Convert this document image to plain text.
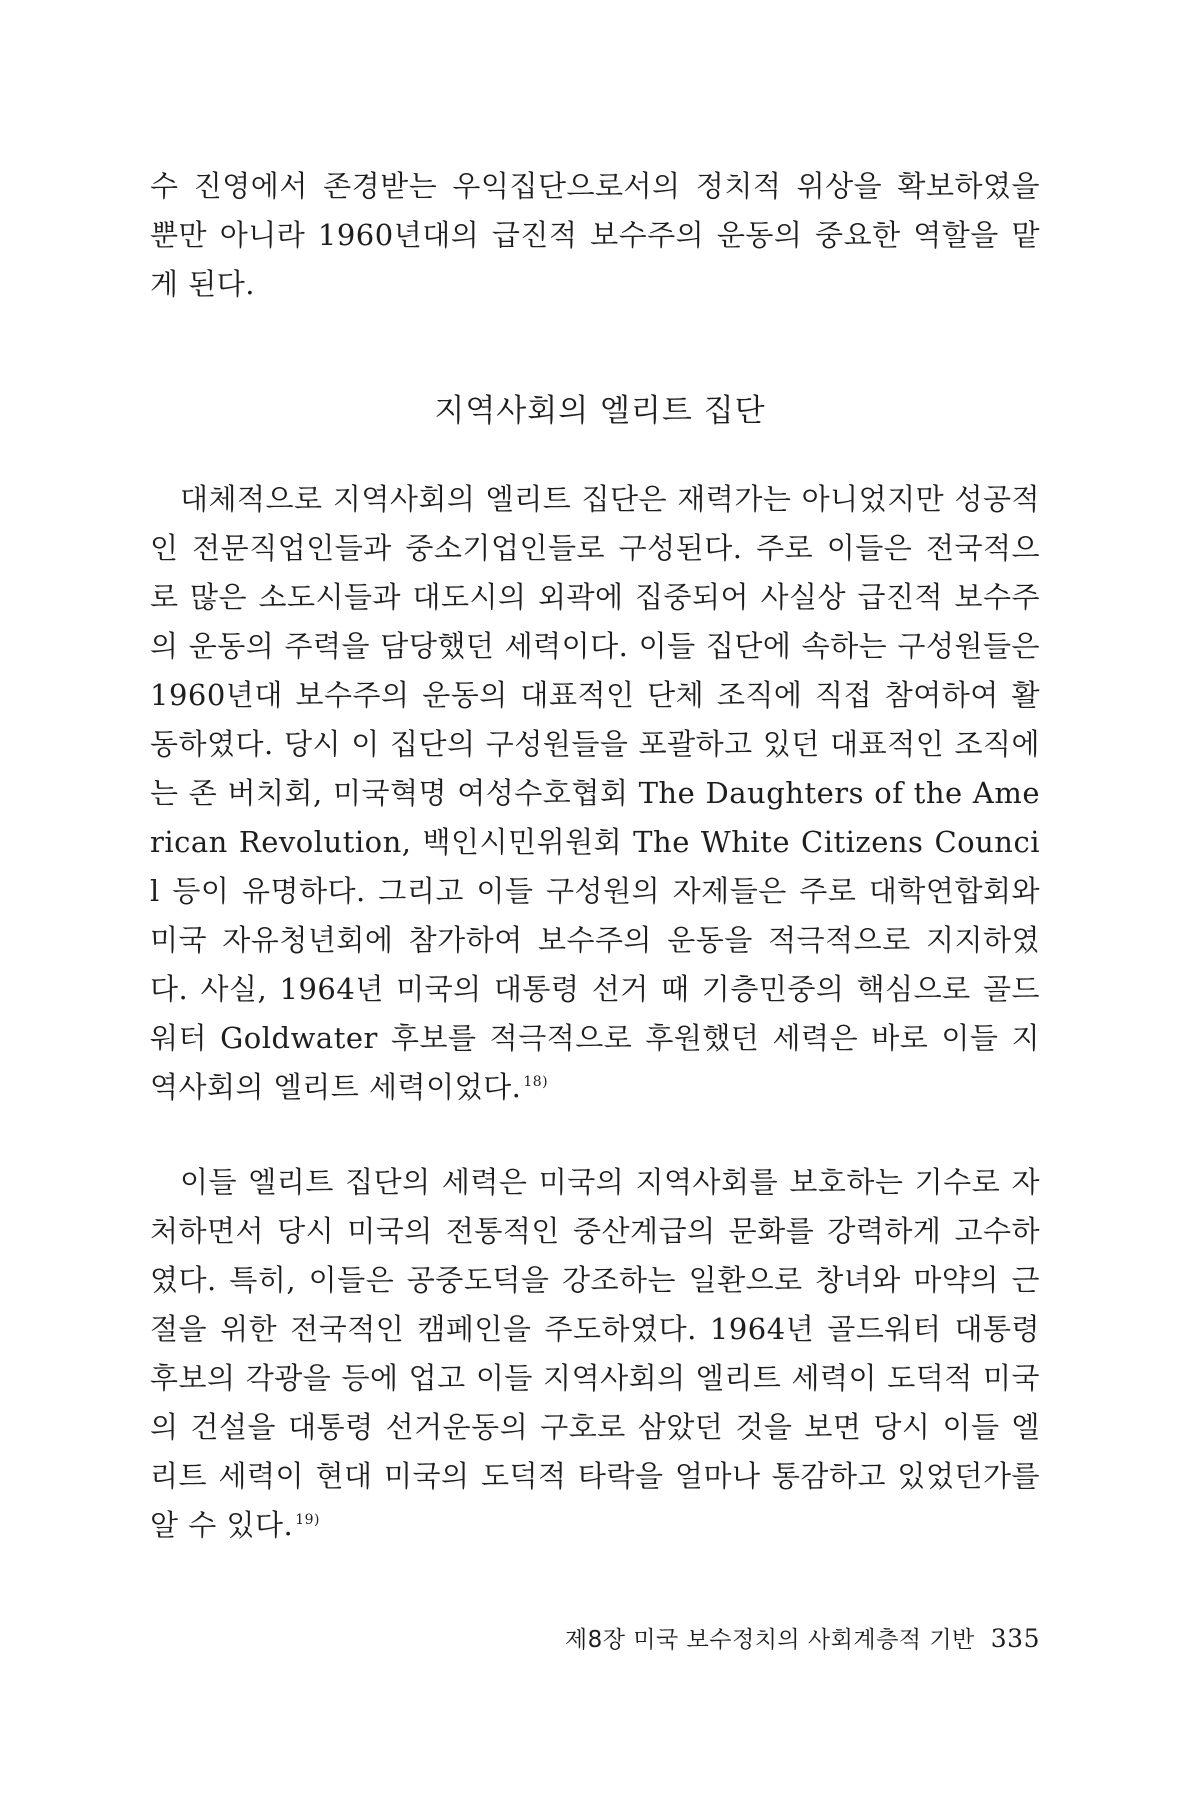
수 진영에서 존경받는 우익집단으로서의 정치적 위상을 확보하였을 뿐만 아니라 1960년대의 급진적 보수주의 운동의 중요한 역할을 맡게 된다.

지역사회의 엘리트 집단

대체적으로 지역사회의 엘리트 집단은 재력가는 아니었지만 성공적인 전문직업인들과 중소기업인들로 구성된다. 주로 이들은 전국적으로 많은 소도시들과 대도시의 외곽에 집중되어 사실상 급진적 보수주의 운동의 주력을 담당했던 세력이다. 이들 집단에 속하는 구성원들은 1960년대 보수주의 운동의 대표적인 단체 조직에 직접 참여하여 활동하였다. 당시 이 집단의 구성원들을 포괄하고 있던 대표적인 조직에는 존 버치회, 미국혁명 여성수호협회 The Daughters of the American Revolution, 백인시민위원회 The White Citizens Council 등이 유명하다. 그리고 이들 구성원의 자제들은 주로 대학연합회와 미국 자유청년회에 참가하여 보수주의 운동을 적극적으로 지지하였다. 사실, 1964년 미국의 대통령 선거 때 기층민중의 핵심으로 골드워터 Goldwater 후보를 적극적으로 후원했던 세력은 바로 이들 지역사회의 엘리트 세력이었다. $^{18)}$

이들 엘리트 집단의 세력은 미국의 지역사회를 보호하는 기수로 자처하면서 당시 미국의 전통적인 중산계급의 문화를 강력하게 고수하였다. 특히, 이들은 공중도덕을 강조하는 일환으로 창녀와 마약의 근절을 위한 전국적인 캠페인을 주도하였다. 1964년 골드워터 대통령 후보의 각광을 등에 업고 이들 지역사회의 엘리트 세력이 도덕적 미국의 건설을 대통령 선거운동의 구호로 삼았던 것을 보면 당시 이들 엘리트 세력이 현대 미국의 도덕적 타락을 얼마나 통감하고 있었던가를 알 수 있다. $^{19)}$

제8장 미국 보수정치의 사회계층적 기반 335
